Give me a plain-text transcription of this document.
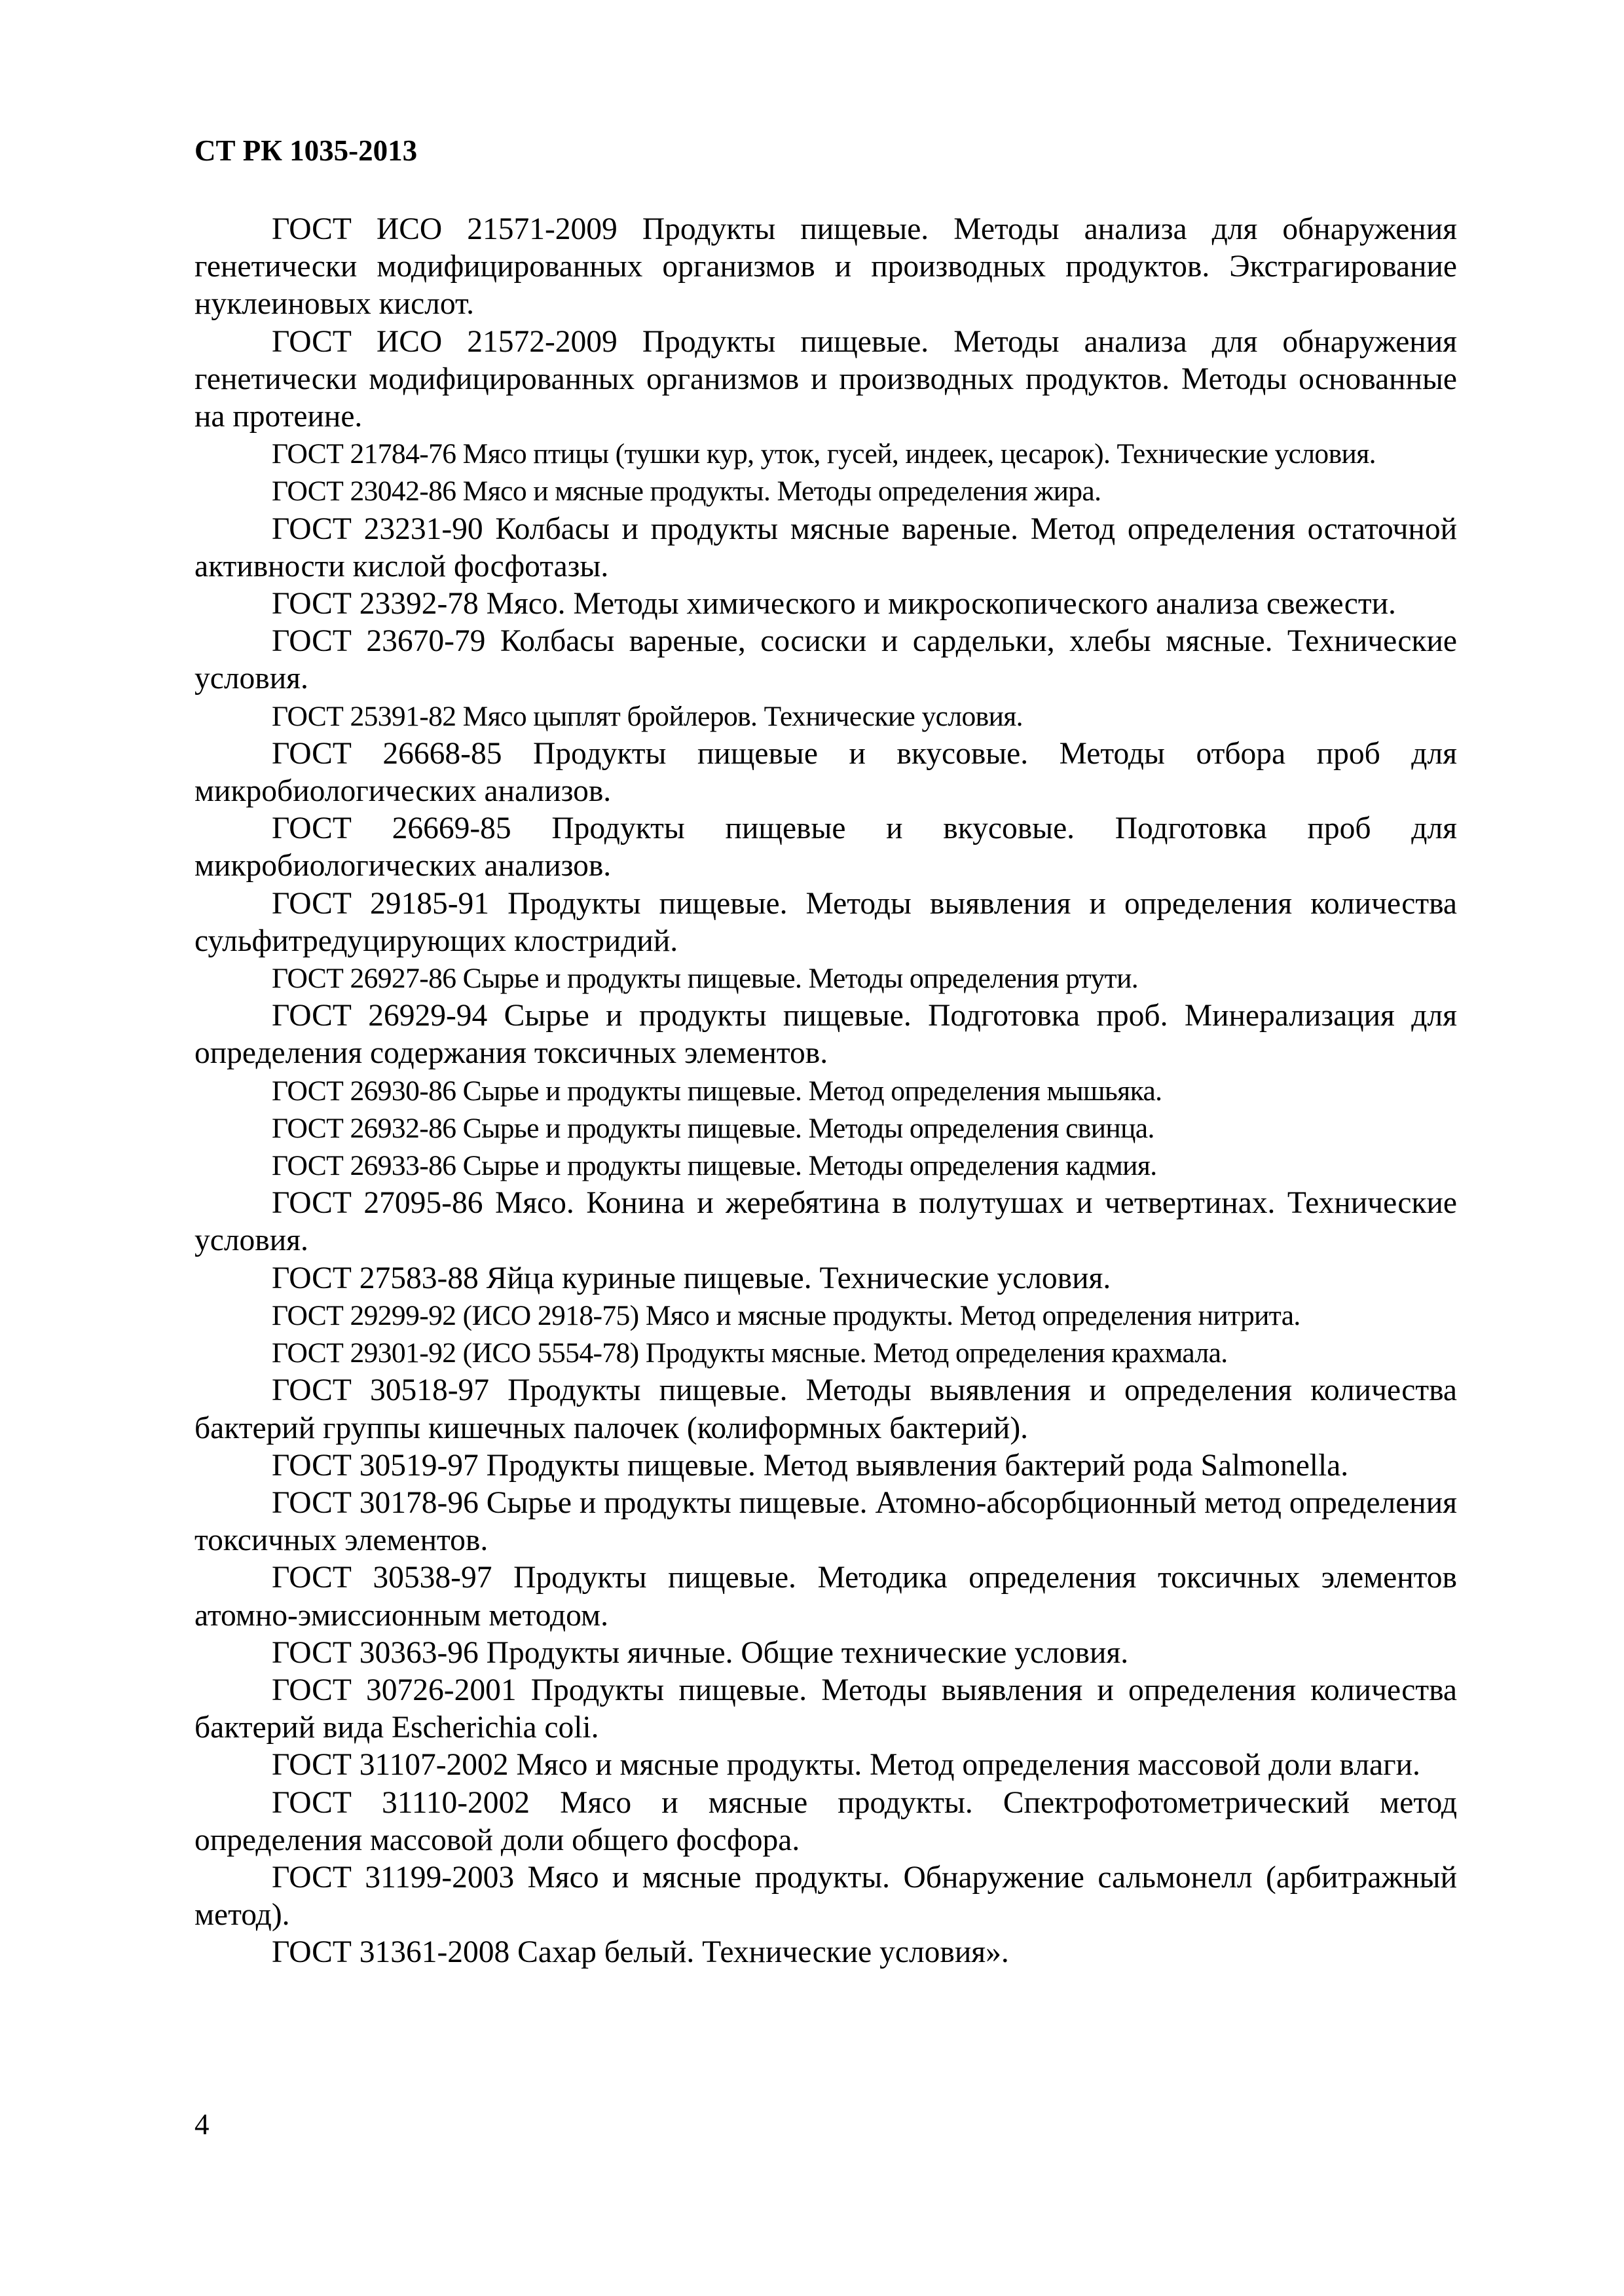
СТ РК 1035-2013

ГОСТ ИСО 21571-2009 Продукты пищевые. Методы анализа для обнаружения генетически модифицированных организмов и производных продуктов. Экстрагирование нуклеиновых кислот.

ГОСТ ИСО 21572-2009 Продукты пищевые. Методы анализа для обнаружения генетически модифицированных организмов и производных продуктов. Методы основанные на протеине.

ГОСТ 21784-76 Мясо птицы (тушки кур, уток, гусей, индеек, цесарок). Технические условия.

ГОСТ 23042-86 Мясо и мясные продукты. Методы определения жира.

ГОСТ 23231-90 Колбасы и продукты мясные вареные. Метод определения остаточной активности кислой фосфотазы.

ГОСТ 23392-78 Мясо. Методы химического и микроскопического анализа свежести.

ГОСТ 23670-79 Колбасы вареные, сосиски и сардельки, хлебы мясные. Технические условия.

ГОСТ 25391-82 Мясо цыплят бройлеров. Технические условия.

ГОСТ 26668-85 Продукты пищевые и вкусовые. Методы отбора проб для микробиологических анализов.

ГОСТ 26669-85 Продукты пищевые и вкусовые. Подготовка проб для микробиологических анализов.

ГОСТ 29185-91 Продукты пищевые. Методы выявления и определения количества сульфитредуцирующих клостридий.

ГОСТ 26927-86 Сырье и продукты пищевые. Методы определения ртути.

ГОСТ 26929-94 Сырье и продукты пищевые. Подготовка проб. Минерализация для определения содержания токсичных элементов.

ГОСТ 26930-86 Сырье и продукты пищевые. Метод определения мышьяка.

ГОСТ 26932-86 Сырье и продукты пищевые. Методы определения свинца.

ГОСТ 26933-86 Сырье и продукты пищевые. Методы определения кадмия.

ГОСТ 27095-86 Мясо. Конина и жеребятина в полутушах и четвертинах. Технические условия.

ГОСТ 27583-88 Яйца куриные пищевые. Технические условия.

ГОСТ 29299-92 (ИСО 2918-75) Мясо и мясные продукты. Метод определения нитрита.

ГОСТ 29301-92 (ИСО 5554-78) Продукты мясные. Метод определения крахмала.

ГОСТ 30518-97 Продукты пищевые. Методы выявления и определения количества бактерий группы кишечных палочек (колиформных бактерий).

ГОСТ 30519-97 Продукты пищевые. Метод выявления бактерий рода Salmonella.

ГОСТ 30178-96 Сырье и продукты пищевые. Атомно-абсорбционный метод определения токсичных элементов.

ГОСТ 30538-97 Продукты пищевые. Методика определения токсичных элементов атомно-эмиссионным методом.

ГОСТ 30363-96 Продукты яичные. Общие технические условия.

ГОСТ 30726-2001 Продукты пищевые. Методы выявления и определения количества бактерий вида Escherichia coli.

ГОСТ 31107-2002 Мясо и мясные продукты. Метод определения массовой доли влаги.

ГОСТ 31110-2002 Мясо и мясные продукты. Спектрофотометрический метод определения массовой доли общего фосфора.

ГОСТ 31199-2003 Мясо и мясные продукты. Обнаружение сальмонелл (арбитражный метод).

ГОСТ 31361-2008 Сахар белый. Технические условия».

4
